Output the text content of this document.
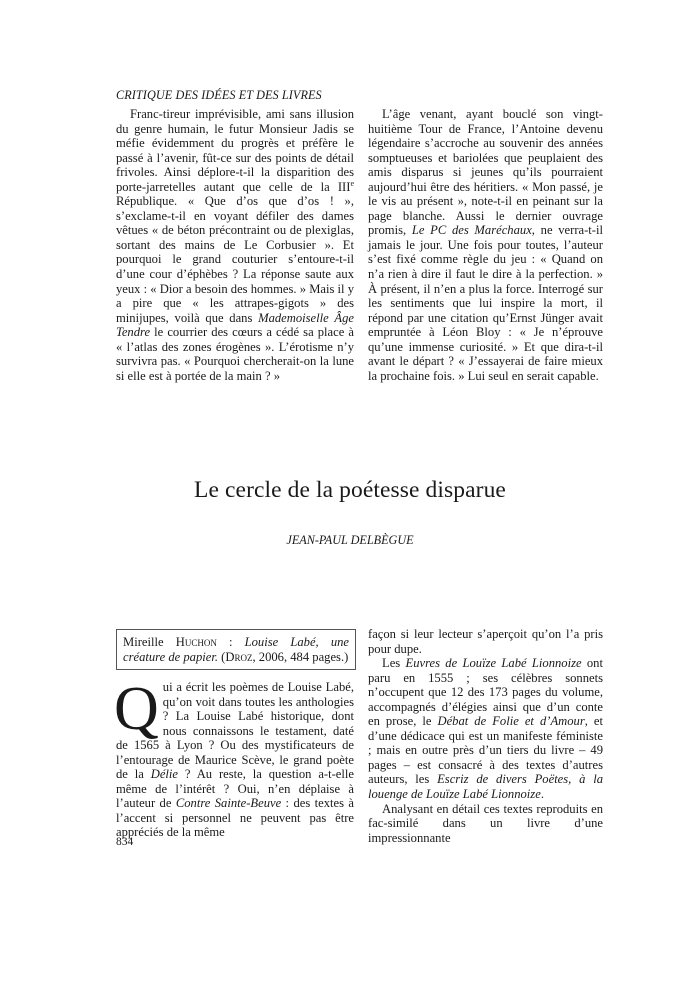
CRITIQUE DES IDÉES ET DES LIVRES

Franc-tireur imprévisible, ami sans illusion du genre humain, le futur Monsieur Jadis se méfie évidemment du progrès et préfère le passé à l’avenir, fût-ce sur des points de détail frivoles. Ainsi déplore-t-il la disparition des porte-jarretelles autant que celle de la IIIe République. « Que d’os que d’os ! », s’exclame-t-il en voyant défiler des dames vêtues « de béton précontraint ou de plexiglas, sortant des mains de Le Corbusier ». Et pourquoi le grand couturier s’entoure-t-il d’une cour d’éphèbes ? La réponse saute aux yeux : « Dior a besoin des hommes. » Mais il y a pire que « les attrapes-gigots » des minijupes, voilà que dans Mademoiselle Âge Tendre le courrier des cœurs a cédé sa place à « l’atlas des zones érogènes ». L’érotisme n’y survivra pas. « Pourquoi chercherait-on la lune si elle est à portée de la main ? »

L’âge venant, ayant bouclé son vingt-huitième Tour de France, l’Antoine devenu légendaire s’accroche au souvenir des années somptueuses et bariolées que peuplaient des amis disparus si jeunes qu’ils pourraient aujourd’hui être des héritiers. « Mon passé, je le vis au présent », note-t-il en peinant sur la page blanche. Aussi le dernier ouvrage promis, Le PC des Maréchaux, ne verra-t-il jamais le jour. Une fois pour toutes, l’auteur s’est fixé comme règle du jeu : « Quand on n’a rien à dire il faut le dire à la perfection. » À présent, il n’en a plus la force. Interrogé sur les sentiments que lui inspire la mort, il répond par une citation qu’Ernst Jünger avait empruntée à Léon Bloy : « Je n’éprouve qu’une immense curiosité. » Et que dira-t-il avant le départ ? « J’essayerai de faire mieux la prochaine fois. » Lui seul en serait capable.

Le cercle de la poétesse disparue
JEAN-PAUL DELBÈGUE
Mireille Huchon : Louise Labé, une créature de papier. (Droz, 2006, 484 pages.)
Q ui a écrit les poèmes de Louise Labé, qu’on voit dans toutes les anthologies ? La Louise Labé historique, dont nous connaissons le testament, daté de 1565 à Lyon ? Ou des mystificateurs de l’entourage de Maurice Scève, le grand poète de la Délie ? Au reste, la question a-t-elle même de l’intérêt ? Oui, n’en déplaise à l’auteur de Contre Sainte-Beuve : des textes à l’accent si personnel ne peuvent pas être appréciés de la même

façon si leur lecteur s’aperçoit qu’on l’a pris pour dupe.

Les Euvres de Louïze Labé Lionnoize ont paru en 1555 ; ses célèbres sonnets n’occupent que 12 des 173 pages du volume, accompagnés d’élégies ainsi que d’un conte en prose, le Débat de Folie et d’Amour, et d’une dédicace qui est un manifeste féministe ; mais en outre près d’un tiers du livre – 49 pages – est consacré à des textes d’autres auteurs, les Escriz de divers Poëtes, à la louenge de Louïze Labé Lionnoize.

Analysant en détail ces textes reproduits en fac-similé dans un livre d’une impressionnante

834
